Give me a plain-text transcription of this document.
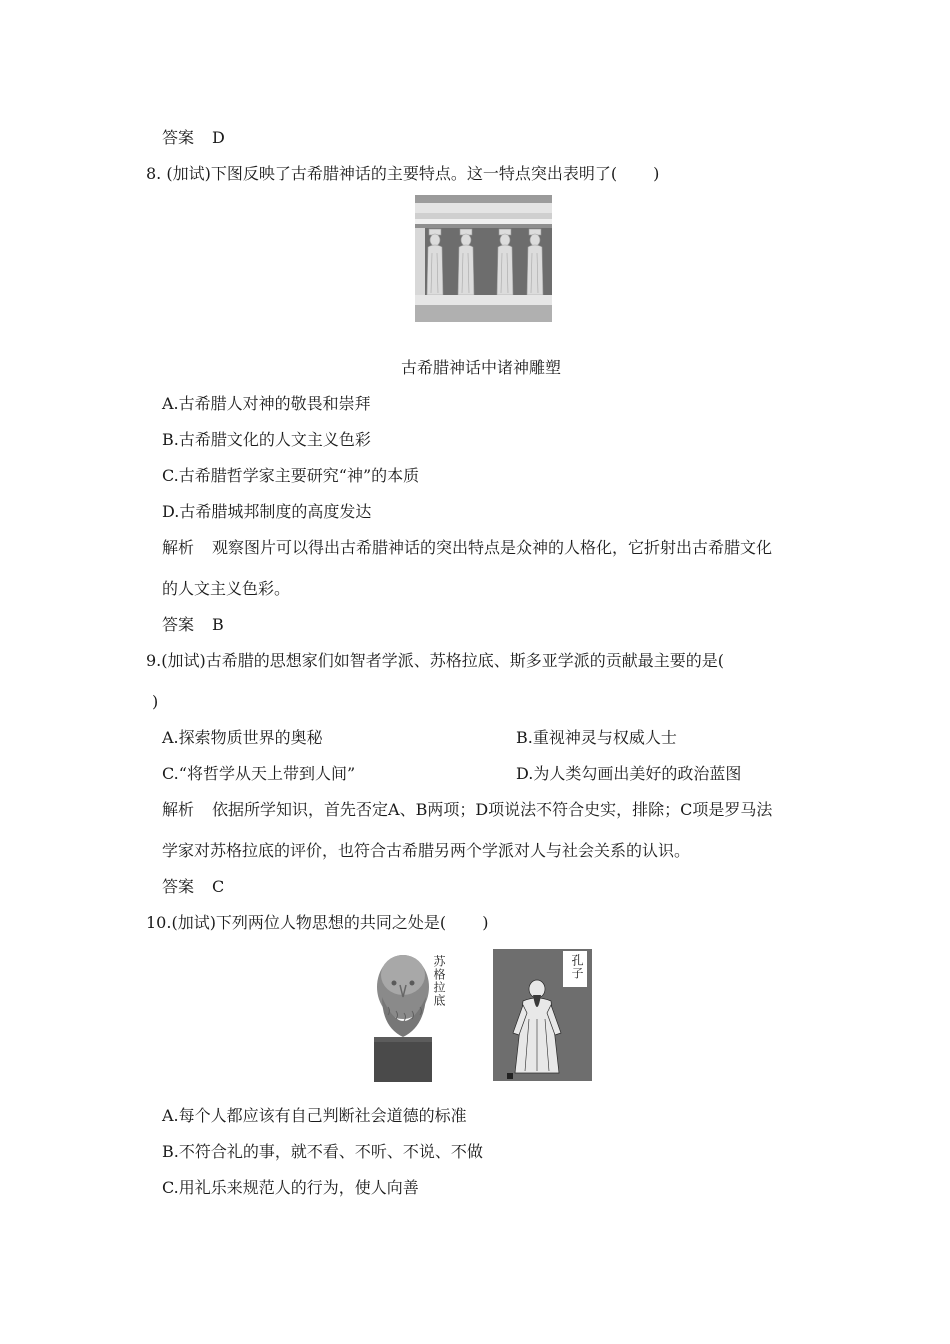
答案 D
8. (加试)下图反映了古希腊神话的主要特点。这一特点突出表明了( )
古希腊神话中诸神雕塑
A.古希腊人对神的敬畏和崇拜
B.古希腊文化的人文主义色彩
C.古希腊哲学家主要研究“神”的本质
D.古希腊城邦制度的高度发达
解析 观察图片可以得出古希腊神话的突出特点是众神的人格化，它折射出古希腊文化
的人文主义色彩。
答案 B
9.(加试)古希腊的思想家们如智者学派、苏格拉底、斯多亚学派的贡献最主要的是(
)
A.探索物质世界的奥秘	B.重视神灵与权威人士
C.“将哲学从天上带到人间”	D.为人类勾画出美好的政治蓝图
解析 依据所学知识，首先否定A、B两项；D项说法不符合史实，排除；C项是罗马法
学家对苏格拉底的评价，也符合古希腊另两个学派对人与社会关系的认识。
答案 C
10.(加试)下列两位人物思想的共同之处是( )
苏格拉底	孔子
A.每个人都应该有自己判断社会道德的标准
B.不符合礼的事，就不看、不听、不说、不做
C.用礼乐来规范人的行为，使人向善
